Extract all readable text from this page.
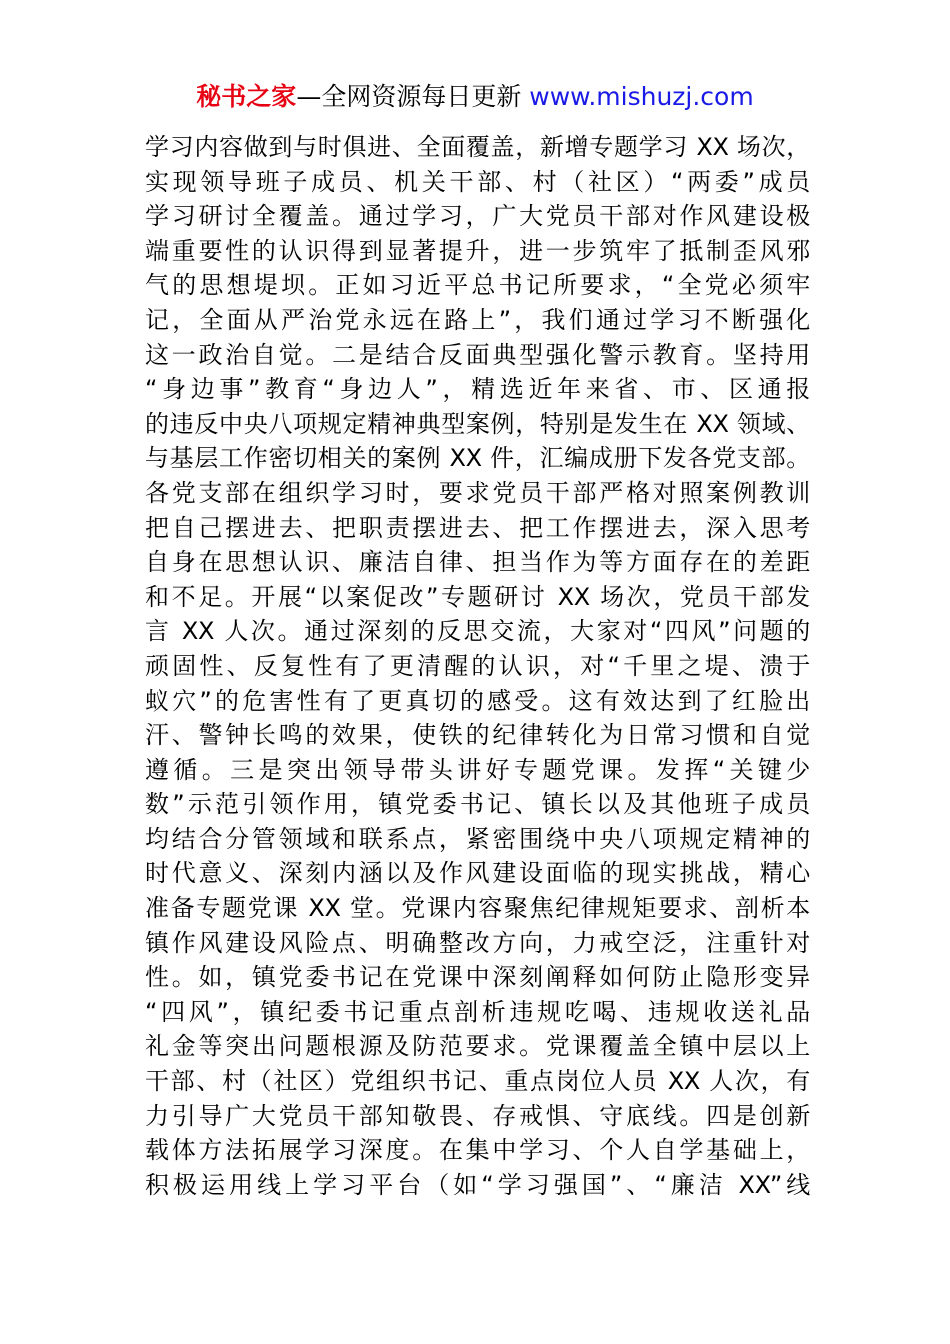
秘书之家—全网资源每日更新 www.mishuzj.com
学习内容做到与时俱进、全面覆盖，新增专题学习 XX 场次，
实现领导班子成员、机关干部、村（社区）“两委”成员
学习研讨全覆盖。通过学习，广大党员干部对作风建设极
端重要性的认识得到显著提升，进一步筑牢了抵制歪风邪
气的思想堤坝。正如习近平总书记所要求，“全党必须牢
记，全面从严治党永远在路上”，我们通过学习不断强化
这一政治自觉。二是结合反面典型强化警示教育。坚持用
“身边事”教育“身边人”，精选近年来省、市、区通报
的违反中央八项规定精神典型案例，特别是发生在 XX 领域、
与基层工作密切相关的案例 XX 件，汇编成册下发各党支部。
各党支部在组织学习时，要求党员干部严格对照案例教训
把自己摆进去、把职责摆进去、把工作摆进去，深入思考
自身在思想认识、廉洁自律、担当作为等方面存在的差距
和不足。开展“以案促改”专题研讨 XX 场次，党员干部发
言 XX 人次。通过深刻的反思交流，大家对“四风”问题的
顽固性、反复性有了更清醒的认识，对“千里之堤、溃于
蚁穴”的危害性有了更真切的感受。这有效达到了红脸出
汗、警钟长鸣的效果，使铁的纪律转化为日常习惯和自觉
遵循。三是突出领导带头讲好专题党课。发挥“关键少
数”示范引领作用，镇党委书记、镇长以及其他班子成员
均结合分管领域和联系点，紧密围绕中央八项规定精神的
时代意义、深刻内涵以及作风建设面临的现实挑战，精心
准备专题党课 XX 堂。党课内容聚焦纪律规矩要求、剖析本
镇作风建设风险点、明确整改方向，力戒空泛，注重针对
性。如，镇党委书记在党课中深刻阐释如何防止隐形变异
“四风”，镇纪委书记重点剖析违规吃喝、违规收送礼品
礼金等突出问题根源及防范要求。党课覆盖全镇中层以上
干部、村（社区）党组织书记、重点岗位人员 XX 人次，有
力引导广大党员干部知敬畏、存戒惧、守底线。四是创新
载体方法拓展学习深度。在集中学习、个人自学基础上，
积极运用线上学习平台（如“学习强国”、“廉洁 XX”线
